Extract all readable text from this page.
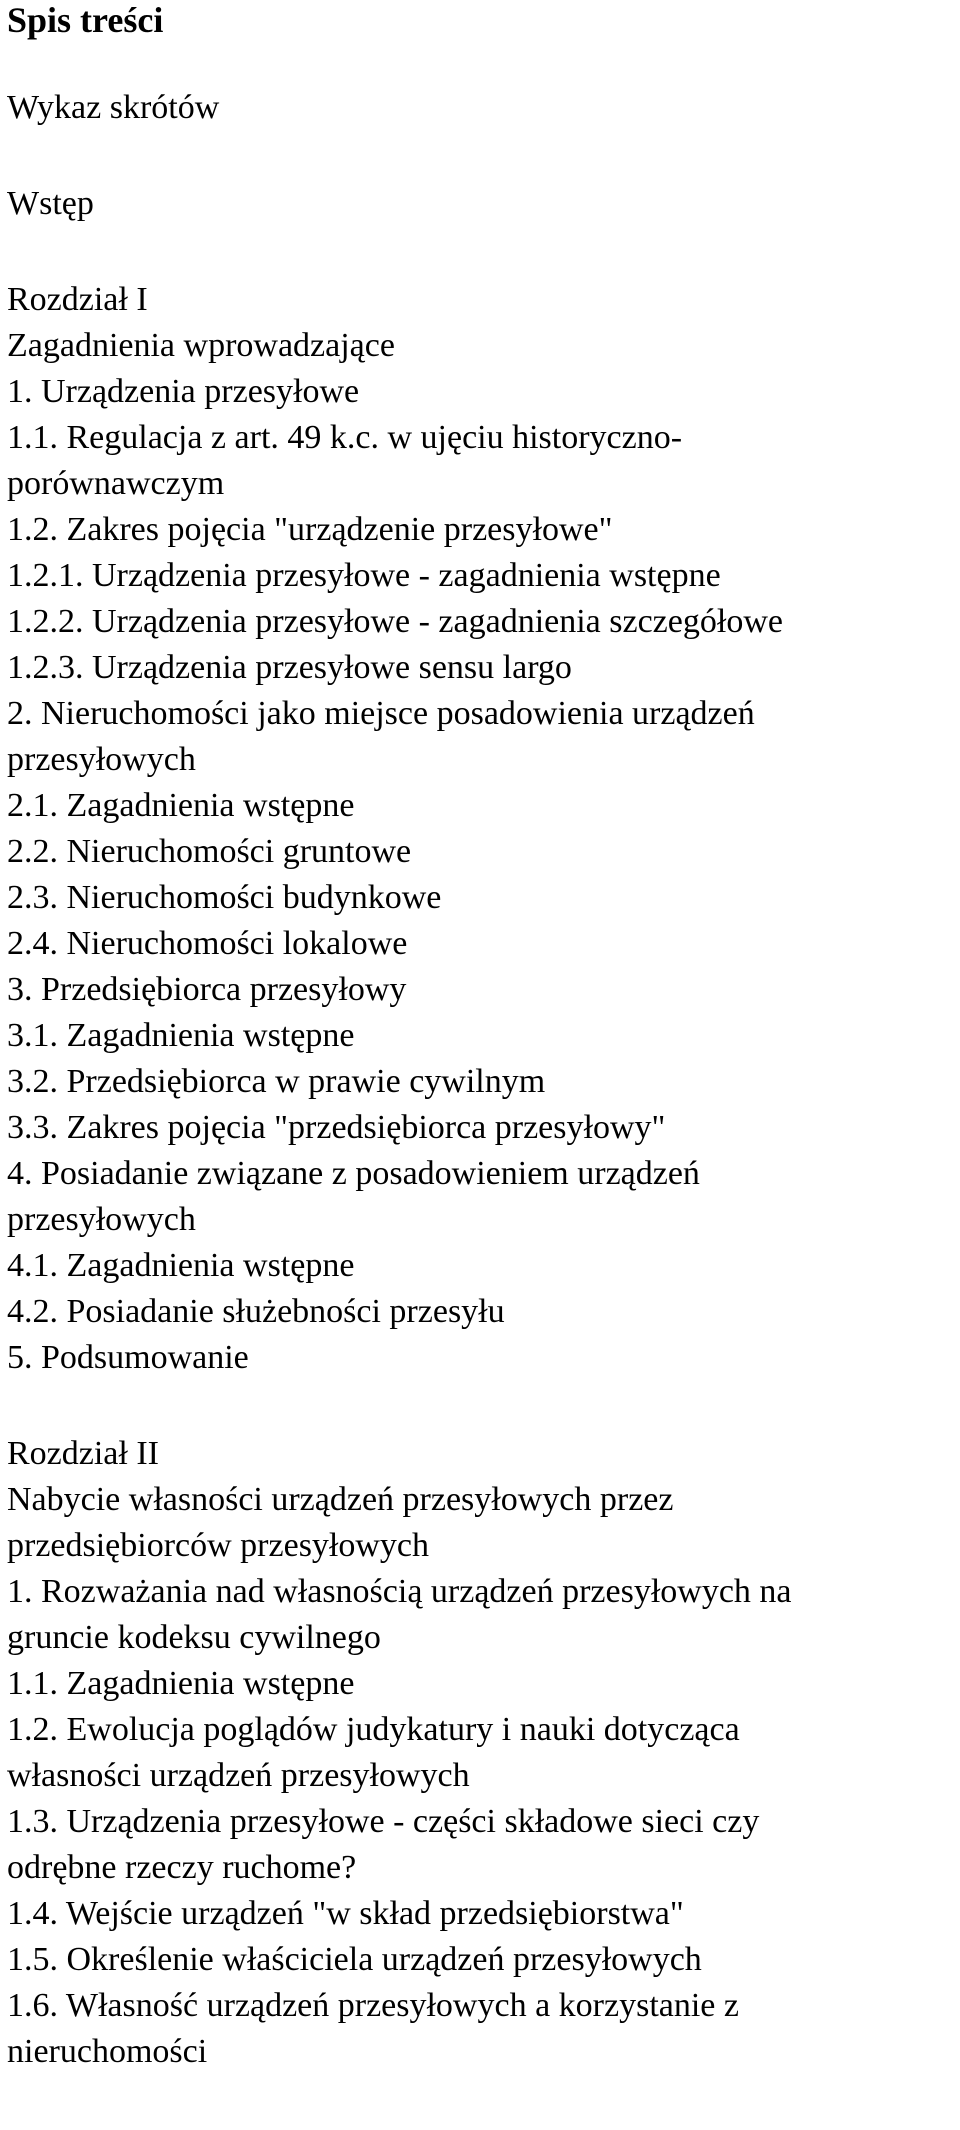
Spis treści
Wykaz skrótów
Wstęp
Rozdział I
Zagadnienia wprowadzające
1. Urządzenia przesyłowe
1.1. Regulacja z art. 49 k.c. w ujęciu historyczno-
porównawczym
1.2. Zakres pojęcia "urządzenie przesyłowe"
1.2.1. Urządzenia przesyłowe - zagadnienia wstępne
1.2.2. Urządzenia przesyłowe - zagadnienia szczegółowe
1.2.3. Urządzenia przesyłowe sensu largo
2. Nieruchomości jako miejsce posadowienia urządzeń
przesyłowych
2.1. Zagadnienia wstępne
2.2. Nieruchomości gruntowe
2.3. Nieruchomości budynkowe
2.4. Nieruchomości lokalowe
3. Przedsiębiorca przesyłowy
3.1. Zagadnienia wstępne
3.2. Przedsiębiorca w prawie cywilnym
3.3. Zakres pojęcia "przedsiębiorca przesyłowy"
4. Posiadanie związane z posadowieniem urządzeń
przesyłowych
4.1. Zagadnienia wstępne
4.2. Posiadanie służebności przesyłu
5. Podsumowanie
Rozdział II
Nabycie własności urządzeń przesyłowych przez
przedsiębiorców przesyłowych
1. Rozważania nad własnością urządzeń przesyłowych na
gruncie kodeksu cywilnego
1.1. Zagadnienia wstępne
1.2. Ewolucja poglądów judykatury i nauki dotycząca
własności urządzeń przesyłowych
1.3. Urządzenia przesyłowe - części składowe sieci czy
odrębne rzeczy ruchome?
1.4. Wejście urządzeń "w skład przedsiębiorstwa"
1.5. Określenie właściciela urządzeń przesyłowych
1.6. Własność urządzeń przesyłowych a korzystanie z
nieruchomości
